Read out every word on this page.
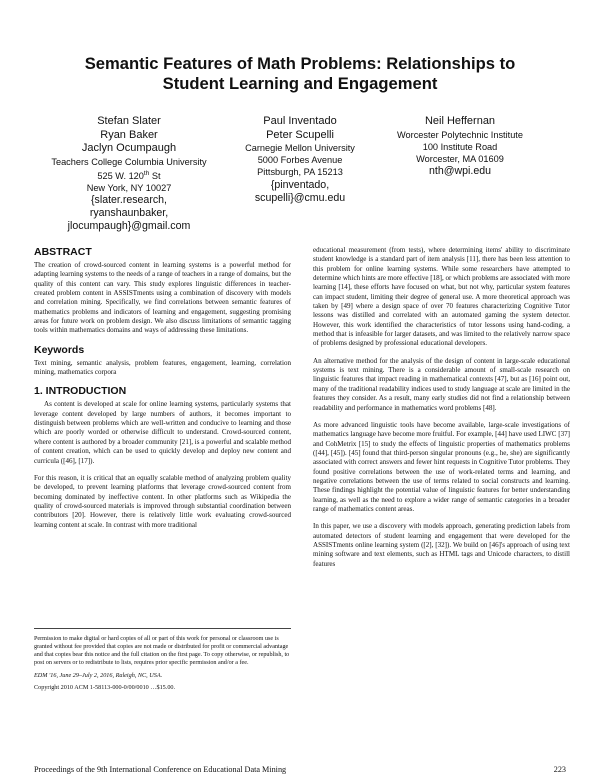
Semantic Features of Math Problems: Relationships to
Student Learning and Engagement
Stefan Slater
Ryan Baker
Jaclyn Ocumpaugh
Teachers College Columbia University
525 W. 120th St
New York, NY 10027
{slater.research,
ryanshaunbaker,
jlocumpaugh}@gmail.com
Paul Inventado
Peter Scupelli
Carnegie Mellon University
5000 Forbes Avenue
Pittsburgh, PA 15213
{pinventado,
scupelli}@cmu.edu
Neil Heffernan
Worcester Polytechnic Institute
100 Institute Road
Worcester, MA 01609
nth@wpi.edu
ABSTRACT

The creation of crowd-sourced content in learning systems is a powerful method for adapting learning systems to the needs of a range of teachers in a range of domains, but the quality of this content can vary. This study explores linguistic differences in teacher-created problem content in ASSISTments using a combination of discovery with models and correlation mining. Specifically, we find correlations between semantic features of mathematics problems and indicators of learning and engagement, suggesting promising areas for future work on problem design. We also discuss limitations of semantic tagging tools within mathematics domains and ways of addressing these limitations.

Keywords

Text mining, semantic analysis, problem features, engagement, learning, correlation mining, mathematics corpora

1. INTRODUCTION

As content is developed at scale for online learning systems, particularly systems that leverage content developed by large numbers of authors, it becomes important to distinguish between problems which are well-written and conducive to learning and those which are poorly worded or otherwise difficult to understand. Crowd-sourced content, where content is authored by a broader community [21], is a powerful and scalable method of content creation, which can be used to quickly develop and deploy new content and curricula ([46], [17]).

For this reason, it is critical that an equally scalable method of analyzing problem quality be developed, to prevent learning platforms that leverage crowd-sourced content from becoming dominated by ineffective content. In other platforms such as Wikipedia the quality of crowd-sourced materials is improved through substantial coordination between contributors [20]. However, there is relatively little work evaluating crowd-sourced learning content at scale. In contrast with more traditional

educational measurement (from tests), where determining items' ability to discriminate student knowledge is a standard part of item analysis [11], there has been less attention to this problem for online learning systems. While some researchers have attempted to determine which hints are more effective [18], or which problems are associated with more learning [14], these efforts have focused on what, but not why, particular system features can impact student, limiting their degree of general use. A more theoretical approach was taken by [49] where a design space of over 70 features characterizing Cognitive Tutor lessons was distilled and correlated with an automated gaming the system detector. However, this work identified the characteristics of tutor lessons using hand-coding, a method that is infeasible for larger datasets, and was limited to the relatively narrow space of problems designed by professional educational developers.

An alternative method for the analysis of the design of content in large-scale educational systems is text mining. There is a considerable amount of small-scale research on linguistic features that impact reading in mathematical contexts [47], but as [16] point out, many of the traditional readability indices used to study language at scale are limited in the features they consider. As a result, many early studies did not find a relationship between readability and performance in mathematics word problems [48].

As more advanced linguistic tools have become available, large-scale investigations of mathematics language have become more fruitful. For example, [44] have used LIWC [37] and CohMetrix [15] to study the effects of linguistic properties of mathematics problems ([44], [45]). [45] found that third-person singular pronouns (e.g., he, she) are significantly associated with correct answers and fewer hint requests in Cognitive Tutor problems. They found positive correlations between the use of work-related terms and learning, and negative correlations between the use of terms related to social constructs and learning. These findings highlight the potential value of linguistic features for better understanding learning, as well as the need to explore a wider range of semantic categories in a broader range of mathematics content areas.

In this paper, we use a discovery with models approach, generating prediction labels from automated detectors of student learning and engagement that were developed for the ASSISTments online learning system ([2], [32]). We build on [46]'s approach of using text mining software and text elements, such as HTML tags and Unicode characters, to distill features

Permission to make digital or hard copies of all or part of this work for personal or classroom use is granted without fee provided that copies are not made or distributed for profit or commercial advantage and that copies bear this notice and the full citation on the first page. To copy otherwise, or republish, to post on servers or to redistribute to lists, requires prior specific permission and/or a fee.

EDM '16, June 29–July 2, 2016, Raleigh, NC, USA.

Copyright 2010 ACM 1-58113-000-0/00/0010 …$15.00.

Proceedings of the 9th International Conference on Educational Data Mining	223
